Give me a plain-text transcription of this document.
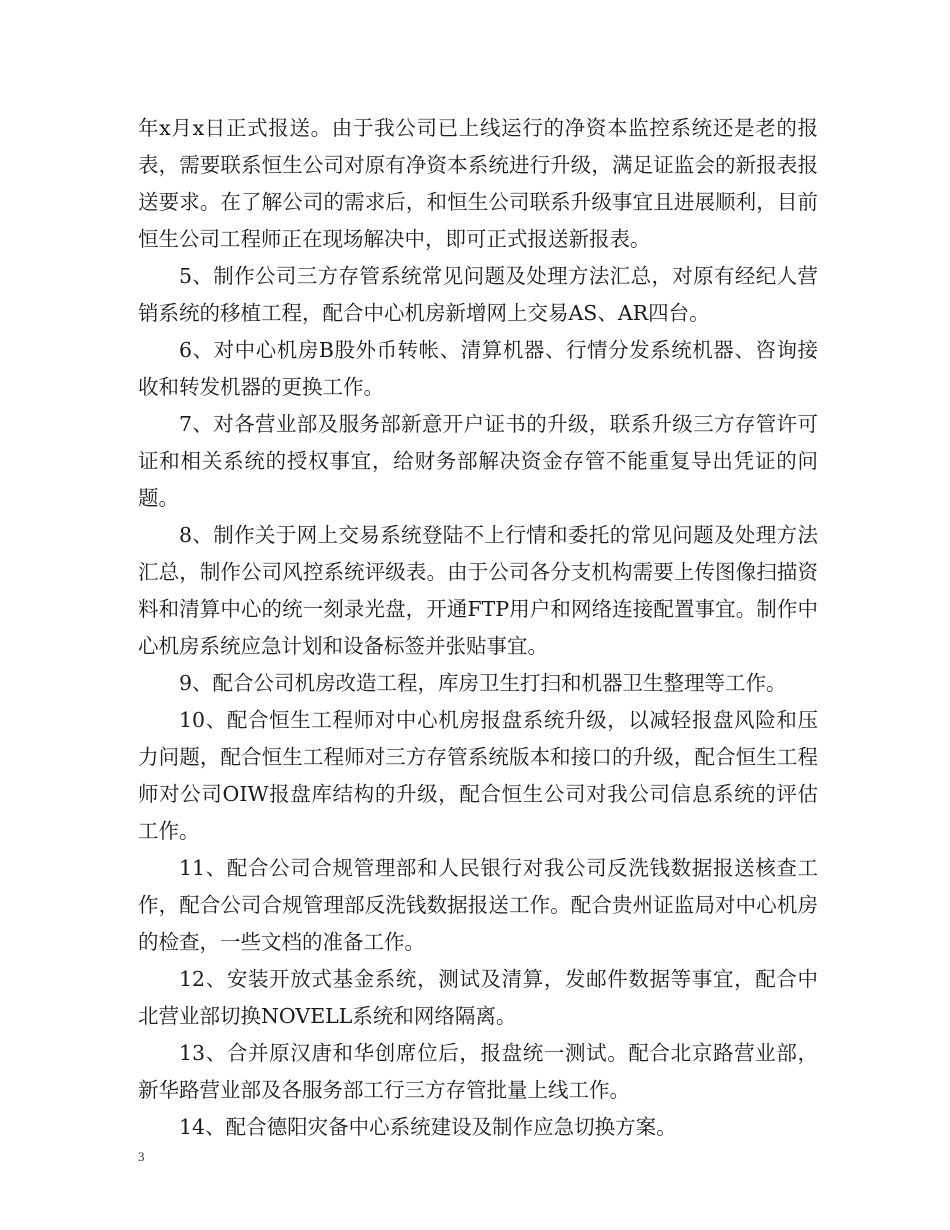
年x月x日正式报送。由于我公司已上线运行的净资本监控系统还是老的报表，需要联系恒生公司对原有净资本系统进行升级，满足证监会的新报表报送要求。在了解公司的需求后，和恒生公司联系升级事宜且进展顺利，目前恒生公司工程师正在现场解决中，即可正式报送新报表。

5、制作公司三方存管系统常见问题及处理方法汇总，对原有经纪人营销系统的移植工程，配合中心机房新增网上交易AS、AR四台。

6、对中心机房B股外币转帐、清算机器、行情分发系统机器、咨询接收和转发机器的更换工作。

7、对各营业部及服务部新意开户证书的升级，联系升级三方存管许可证和相关系统的授权事宜，给财务部解决资金存管不能重复导出凭证的问题。

8、制作关于网上交易系统登陆不上行情和委托的常见问题及处理方法汇总，制作公司风控系统评级表。由于公司各分支机构需要上传图像扫描资料和清算中心的统一刻录光盘，开通FTP用户和网络连接配置事宜。制作中心机房系统应急计划和设备标签并张贴事宜。

9、配合公司机房改造工程，库房卫生打扫和机器卫生整理等工作。

10、配合恒生工程师对中心机房报盘系统升级，以减轻报盘风险和压力问题，配合恒生工程师对三方存管系统版本和接口的升级，配合恒生工程师对公司OIW报盘库结构的升级，配合恒生公司对我公司信息系统的评估工作。

11、配合公司合规管理部和人民银行对我公司反洗钱数据报送核查工作，配合公司合规管理部反洗钱数据报送工作。配合贵州证监局对中心机房的检查，一些文档的准备工作。

12、安装开放式基金系统，测试及清算，发邮件数据等事宜，配合中北营业部切换NOVELL系统和网络隔离。

13、合并原汉唐和华创席位后，报盘统一测试。配合北京路营业部，新华路营业部及各服务部工行三方存管批量上线工作。

14、配合德阳灾备中心系统建设及制作应急切换方案。

3
